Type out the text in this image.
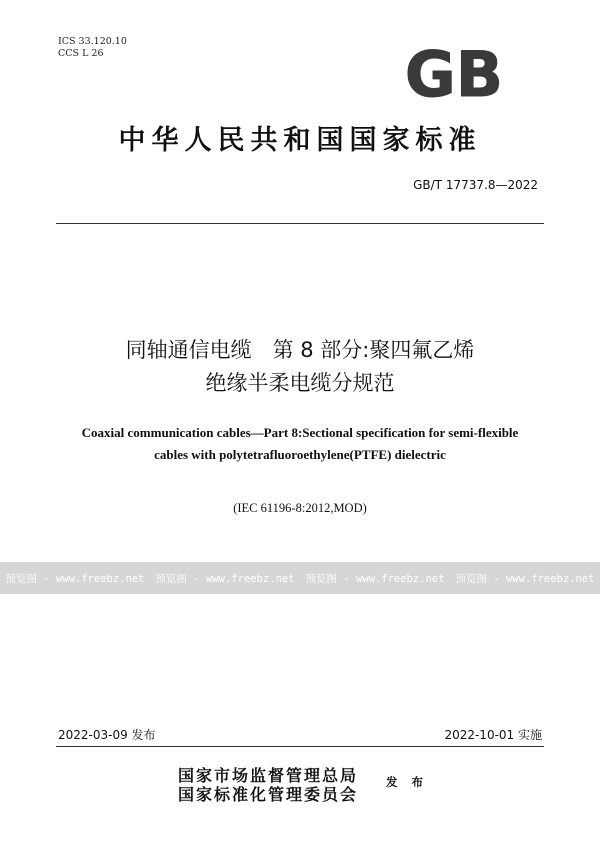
ICS 33.120.10
CCS L 26	GB
中华人民共和国国家标准
GB/T 17737.8—2022
同轴通信电缆　第 8 部分:聚四氟乙烯
绝缘半柔电缆分规范
Coaxial communication cables—Part 8:Sectional specification for semi-flexible
cables with polytetrafluoroethylene(PTFE) dielectric
(IEC 61196-8:2012,MOD)
预览图 - www.freebz.net	预览图 - www.freebz.net	预览图 - www.freebz.net	预览图 - www.freebz.net
2022-03-09 发布	2022-10-01 实施
国家市场监督管理总局
国家标准化管理委员会
发 布
